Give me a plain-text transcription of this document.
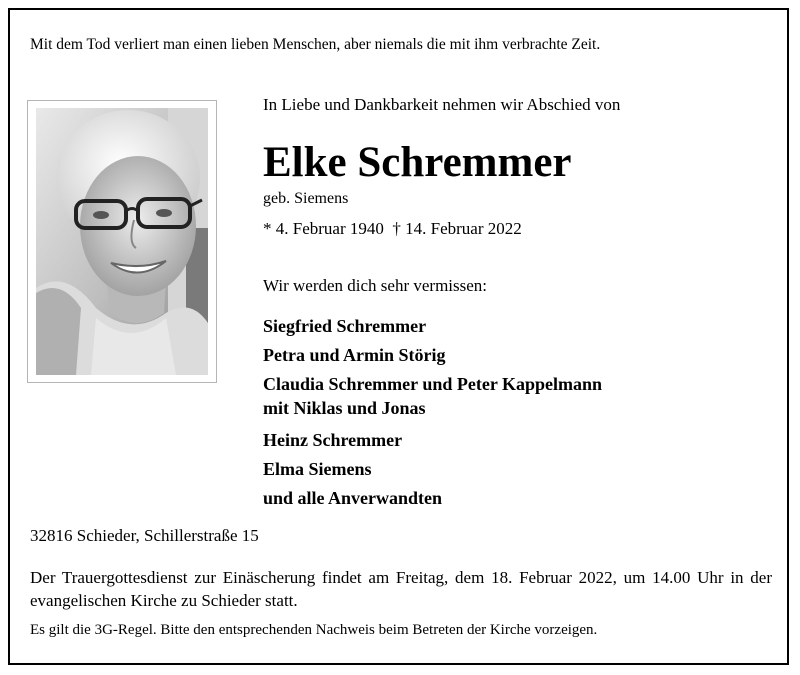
Mit dem Tod verliert man einen lieben Menschen, aber niemals die mit ihm verbrachte Zeit.
In Liebe und Dankbarkeit nehmen wir Abschied von
Elke Schremmer
geb. Siemens
* 4. Februar 1940  † 14. Februar 2022
Wir werden dich sehr vermissen:
Siegfried Schremmer
Petra und Armin Störig
Claudia Schremmer und Peter Kappelmann
mit Niklas und Jonas
Heinz Schremmer
Elma Siemens
und alle Anverwandten
32816 Schieder, Schillerstraße 15
Der Trauergottesdienst zur Einäscherung findet am Freitag, dem 18. Februar 2022, um 14.00 Uhr in der evangelischen Kirche zu Schieder statt.
Es gilt die 3G-Regel. Bitte den entsprechenden Nachweis beim Betreten der Kirche vorzeigen.
